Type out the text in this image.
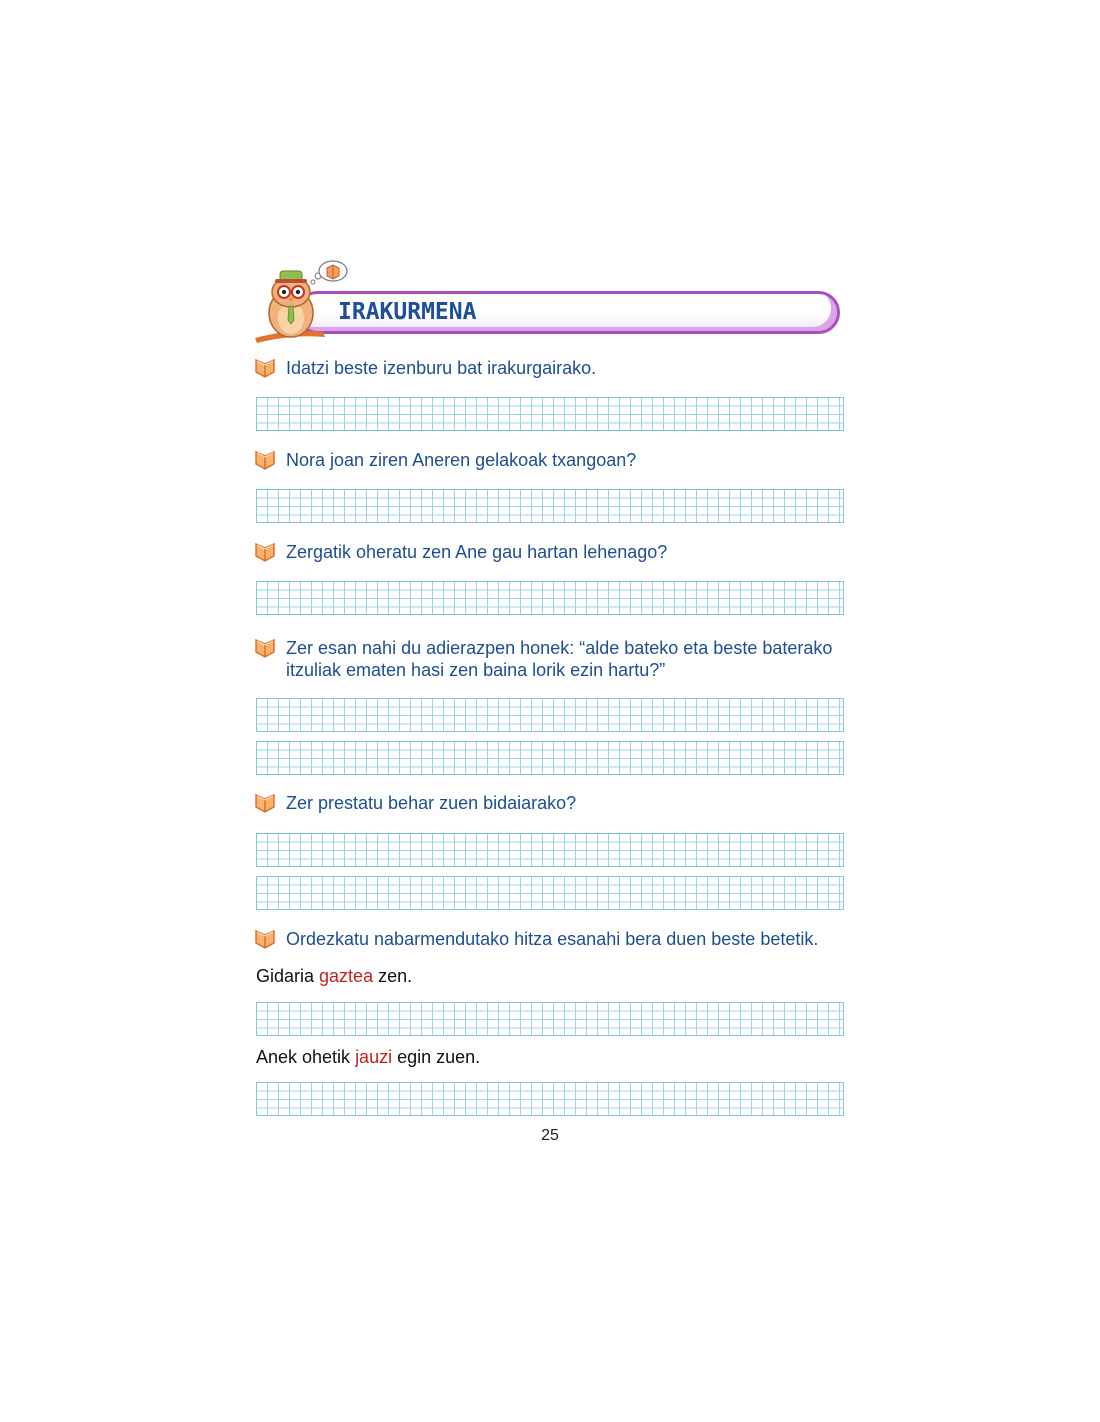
IRAKURMENA
Idatzi beste izenburu bat irakurgairako.
Nora joan ziren Aneren gelakoak txangoan?
Zergatik oheratu zen Ane gau hartan lehenago?
Zer esan nahi du adierazpen honek: “alde bateko eta beste baterako itzuliak ematen hasi zen baina lorik ezin hartu?”
Zer prestatu behar zuen bidaiarako?
Ordezkatu nabarmendutako hitza esanahi bera duen beste betetik.
Gidaria gaztea zen.
Anek ohetik jauzi egin zuen.
25
